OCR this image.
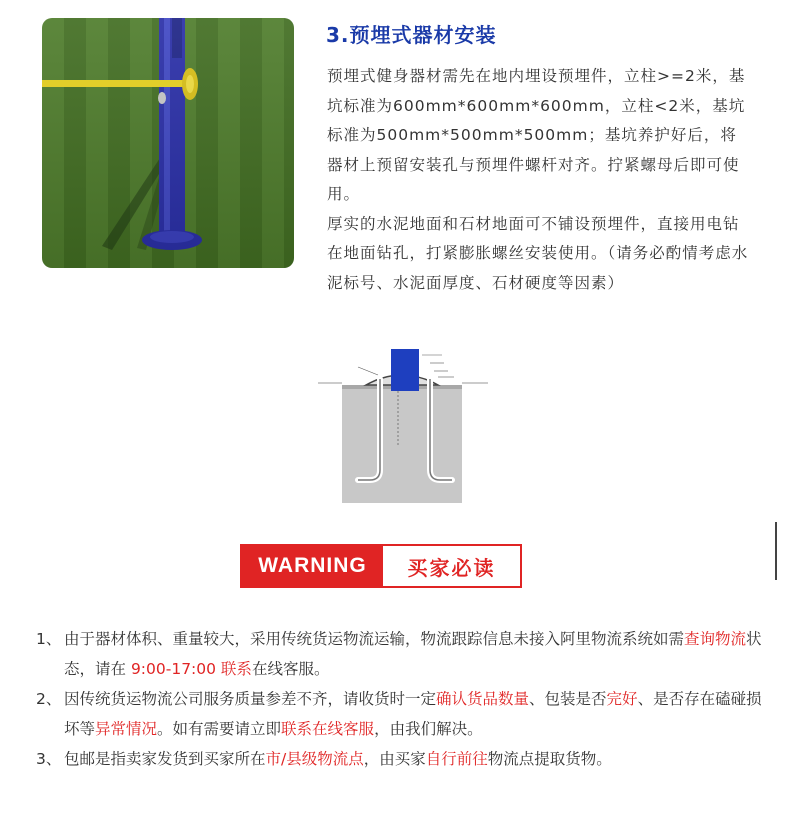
3.预埋式器材安装

预埋式健身器材需先在地内埋设预埋件，立柱>=2米，基坑标准为600mm*600mm*600mm，立柱<2米，基坑标准为500mm*500mm*500mm；基坑养护好后，将器材上预留安装孔与预埋件螺杆对齐。拧紧螺母后即可使用。

厚实的水泥地面和石材地面可不铺设预埋件，直接用电钻在地面钻孔，打紧膨胀螺丝安装使用。（请务必酌情考虑水泥标号、水泥面厚度、石材硬度等因素）

WARNING	买家必读

1、 由于器材体积、重量较大，采用传统货运物流运输，物流跟踪信息未接入阿里物流系统如需查询物流状态，请在 9:00-17:00 联系在线客服。

2、 因传统货运物流公司服务质量参差不齐，请收货时一定确认货品数量、包装是否完好、是否存在磕碰损坏等异常情况。如有需要请立即联系在线客服，由我们解决。

3、 包邮是指卖家发货到买家所在市/县级物流点，由买家自行前往物流点提取货物。
